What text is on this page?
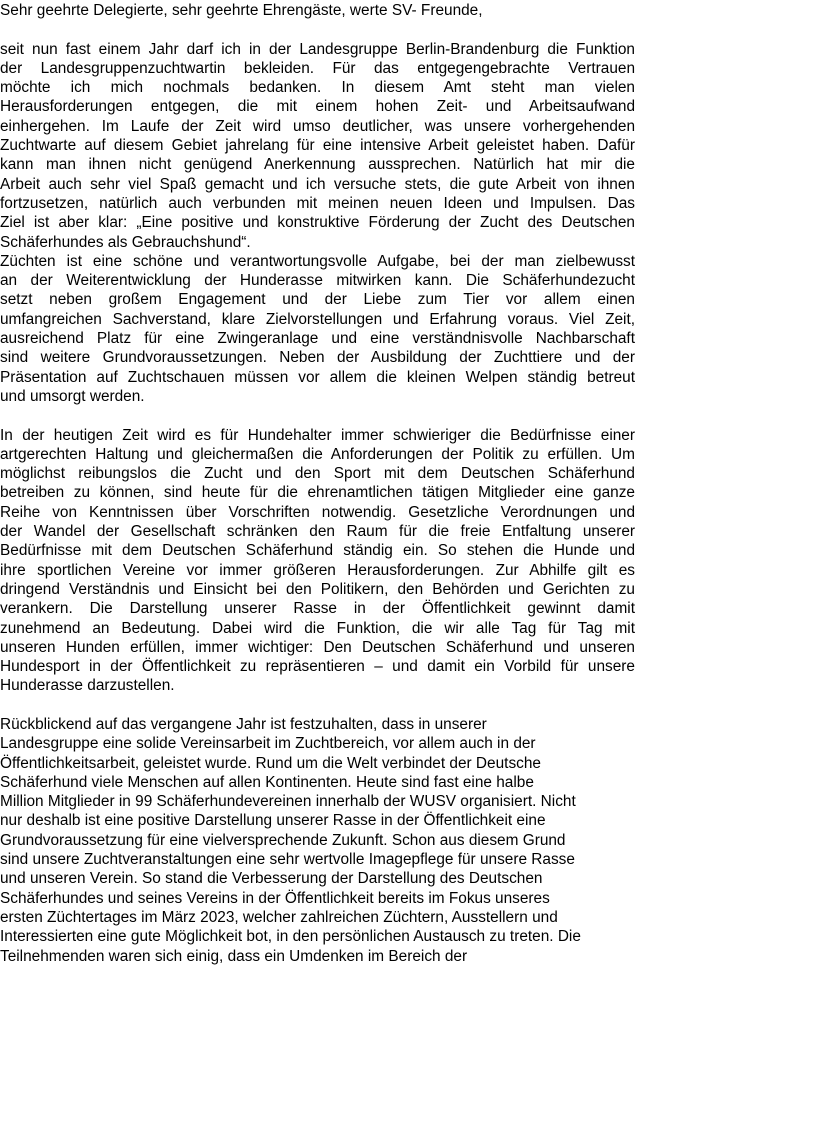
Sehr geehrte Delegierte, sehr geehrte Ehrengäste, werte SV- Freunde,
seit nun fast einem Jahr darf ich in der Landesgruppe Berlin-Brandenburg die Funktion
der Landesgruppenzuchtwartin bekleiden. Für das entgegengebrachte Vertrauen
möchte ich mich nochmals bedanken. In diesem Amt steht man vielen
Herausforderungen entgegen, die mit einem hohen Zeit- und Arbeitsaufwand
einhergehen. Im Laufe der Zeit wird umso deutlicher, was unsere vorhergehenden
Zuchtwarte auf diesem Gebiet jahrelang für eine intensive Arbeit geleistet haben. Dafür
kann man ihnen nicht genügend Anerkennung aussprechen. Natürlich hat mir die
Arbeit auch sehr viel Spaß gemacht und ich versuche stets, die gute Arbeit von ihnen
fortzusetzen, natürlich auch verbunden mit meinen neuen Ideen und Impulsen. Das
Ziel ist aber klar: „Eine positive und konstruktive Förderung der Zucht des Deutschen
Schäferhundes als Gebrauchshund“.
Züchten ist eine schöne und verantwortungsvolle Aufgabe, bei der man zielbewusst
an der Weiterentwicklung der Hunderasse mitwirken kann. Die Schäferhundezucht
setzt neben großem Engagement und der Liebe zum Tier vor allem einen
umfangreichen Sachverstand, klare Zielvorstellungen und Erfahrung voraus. Viel Zeit,
ausreichend Platz für eine Zwingeranlage und eine verständnisvolle Nachbarschaft
sind weitere Grundvoraussetzungen. Neben der Ausbildung der Zuchttiere und der
Präsentation auf Zuchtschauen müssen vor allem die kleinen Welpen ständig betreut
und umsorgt werden.
In der heutigen Zeit wird es für Hundehalter immer schwieriger die Bedürfnisse einer
artgerechten Haltung und gleichermaßen die Anforderungen der Politik zu erfüllen. Um
möglichst reibungslos die Zucht und den Sport mit dem Deutschen Schäferhund
betreiben zu können, sind heute für die ehrenamtlichen tätigen Mitglieder eine ganze
Reihe von Kenntnissen über Vorschriften notwendig. Gesetzliche Verordnungen und
der Wandel der Gesellschaft schränken den Raum für die freie Entfaltung unserer
Bedürfnisse mit dem Deutschen Schäferhund ständig ein. So stehen die Hunde und
ihre sportlichen Vereine vor immer größeren Herausforderungen. Zur Abhilfe gilt es
dringend Verständnis und Einsicht bei den Politikern, den Behörden und Gerichten zu
verankern. Die Darstellung unserer Rasse in der Öffentlichkeit gewinnt damit
zunehmend an Bedeutung. Dabei wird die Funktion, die wir alle Tag für Tag mit
unseren Hunden erfüllen, immer wichtiger: Den Deutschen Schäferhund und unseren
Hundesport in der Öffentlichkeit zu repräsentieren – und damit ein Vorbild für unsere
Hunderasse darzustellen.
Rückblickend auf das vergangene Jahr ist festzuhalten, dass in unserer
Landesgruppe eine solide Vereinsarbeit im Zuchtbereich, vor allem auch in der
Öffentlichkeitsarbeit, geleistet wurde. Rund um die Welt verbindet der Deutsche
Schäferhund viele Menschen auf allen Kontinenten. Heute sind fast eine halbe
Million Mitglieder in 99 Schäferhundevereinen innerhalb der WUSV organisiert. Nicht
nur deshalb ist eine positive Darstellung unserer Rasse in der Öffentlichkeit eine
Grundvoraussetzung für eine vielversprechende Zukunft. Schon aus diesem Grund
sind unsere Zuchtveranstaltungen eine sehr wertvolle Imagepflege für unsere Rasse
und unseren Verein. So stand die Verbesserung der Darstellung des Deutschen
Schäferhundes und seines Vereins in der Öffentlichkeit bereits im Fokus unseres
ersten Züchtertages im März 2023, welcher zahlreichen Züchtern, Ausstellern und
Interessierten eine gute Möglichkeit bot, in den persönlichen Austausch zu treten. Die
Teilnehmenden waren sich einig, dass ein Umdenken im Bereich der
